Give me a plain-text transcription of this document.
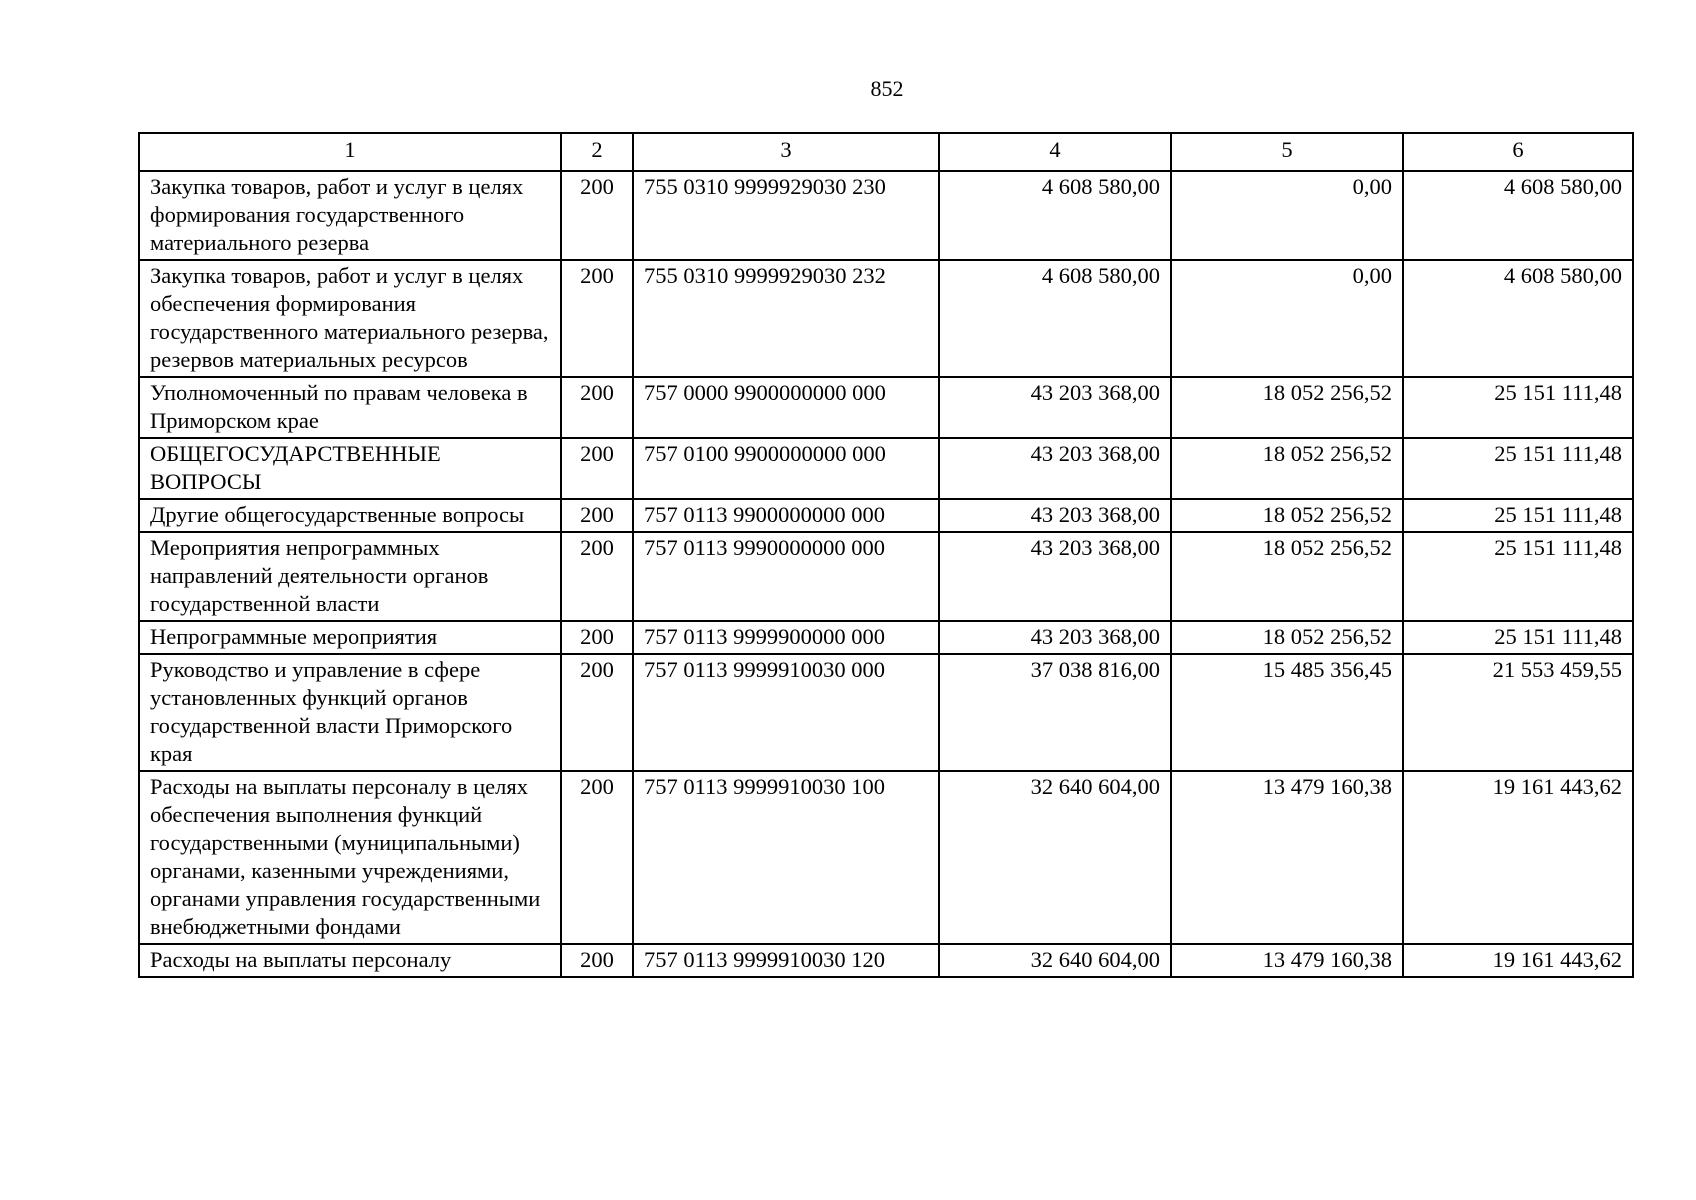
852
1	2	3	4	5	6
Закупка товаров, работ и услуг в целях формирования государственного материального резерва	200	755 0310 9999929030 230	4 608 580,00	0,00	4 608 580,00
Закупка товаров, работ и услуг в целях обеспечения формирования государственного материального резерва, резервов материальных ресурсов	200	755 0310 9999929030 232	4 608 580,00	0,00	4 608 580,00
Уполномоченный по правам человека в Приморском крае	200	757 0000 9900000000 000	43 203 368,00	18 052 256,52	25 151 111,48
ОБЩЕГОСУДАРСТВЕННЫЕ ВОПРОСЫ	200	757 0100 9900000000 000	43 203 368,00	18 052 256,52	25 151 111,48
Другие общегосударственные вопросы	200	757 0113 9900000000 000	43 203 368,00	18 052 256,52	25 151 111,48
Мероприятия непрограммных направлений деятельности органов государственной власти	200	757 0113 9990000000 000	43 203 368,00	18 052 256,52	25 151 111,48
Непрограммные мероприятия	200	757 0113 9999900000 000	43 203 368,00	18 052 256,52	25 151 111,48
Руководство и управление в сфере установленных функций органов государственной власти Приморского края	200	757 0113 9999910030 000	37 038 816,00	15 485 356,45	21 553 459,55
Расходы на выплаты персоналу в целях обеспечения выполнения функций государственными (муниципальными) органами, казенными учреждениями, органами управления государственными внебюджетными фондами	200	757 0113 9999910030 100	32 640 604,00	13 479 160,38	19 161 443,62
Расходы на выплаты персоналу	200	757 0113 9999910030 120	32 640 604,00	13 479 160,38	19 161 443,62
